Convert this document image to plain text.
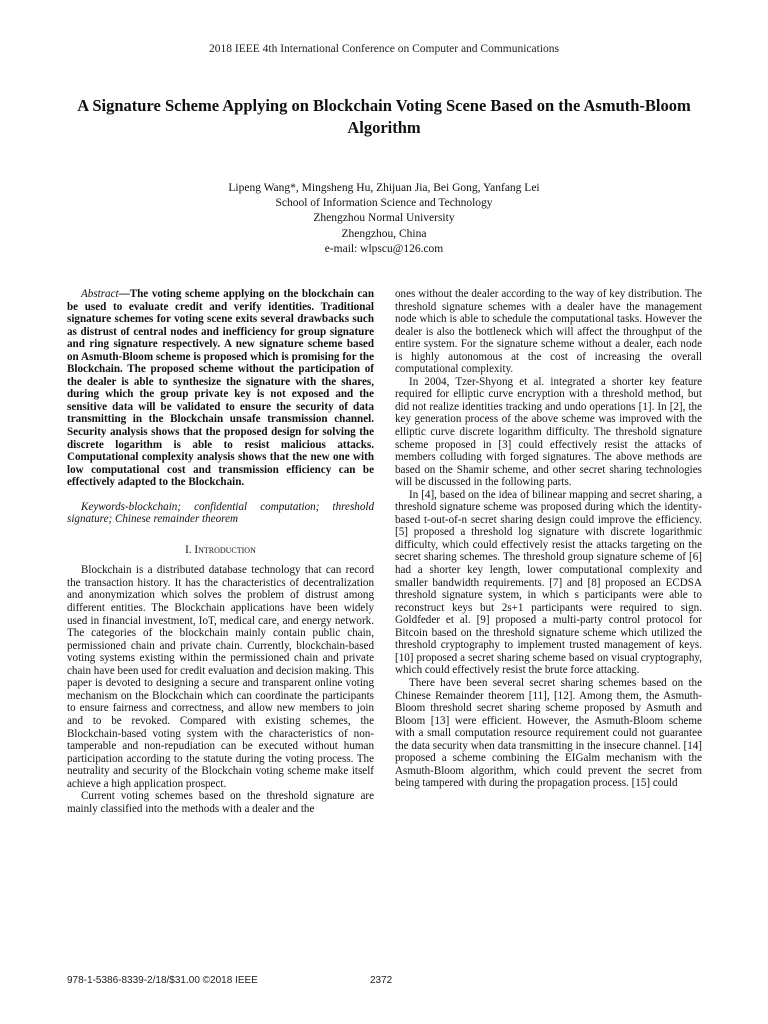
2018 IEEE 4th International Conference on Computer and Communications
A Signature Scheme Applying on Blockchain Voting Scene Based on the Asmuth-Bloom Algorithm
Lipeng Wang*, Mingsheng Hu, Zhijuan Jia, Bei Gong, Yanfang Lei
School of Information Science and Technology
Zhengzhou Normal University
Zhengzhou, China
e-mail: wlpscu@126.com

Abstract—The voting scheme applying on the blockchain can be used to evaluate credit and verify identities. Traditional signature schemes for voting scene exits several drawbacks such as distrust of central nodes and inefficiency for group signature and ring signature respectively. A new signature scheme based on Asmuth-Bloom scheme is proposed which is promising for the Blockchain. The proposed scheme without the participation of the dealer is able to synthesize the signature with the shares, during which the group private key is not exposed and the sensitive data will be validated to ensure the security of data transmitting in the Blockchain unsafe transmission channel. Security analysis shows that the proposed design for solving the discrete logarithm is able to resist malicious attacks. Computational complexity analysis shows that the new one with low computational cost and transmission efficiency can be effectively adapted to the Blockchain.

Keywords-blockchain; confidential computation; threshold signature; Chinese remainder theorem

I. Introduction

Blockchain is a distributed database technology that can record the transaction history. It has the characteristics of decentralization and anonymization which solves the problem of distrust among different entities. The Blockchain applications have been widely used in financial investment, IoT, medical care, and energy network. The categories of the blockchain mainly contain public chain, permissioned chain and private chain. Currently, blockchain-based voting systems existing within the permissioned chain and private chain have been used for credit evaluation and decision making. This paper is devoted to designing a secure and transparent online voting mechanism on the Blockchain which can coordinate the participants to ensure fairness and correctness, and allow new members to join and to be revoked. Compared with existing schemes, the Blockchain-based voting system with the characteristics of non-tamperable and non-repudiation can be executed without human participation according to the statute during the voting process. The neutrality and security of the Blockchain voting scheme make itself achieve a high application prospect.

Current voting schemes based on the threshold signature are mainly classified into the methods with a dealer and the

ones without the dealer according to the way of key distribution. The threshold signature schemes with a dealer have the management node which is able to schedule the computational tasks. However the dealer is also the bottleneck which will affect the throughput of the entire system. For the signature scheme without a dealer, each node is highly autonomous at the cost of increasing the overall computational complexity.

In 2004, Tzer-Shyong et al. integrated a shorter key feature required for elliptic curve encryption with a threshold method, but did not realize identities tracking and undo operations [1]. In [2], the key generation process of the above scheme was improved with the elliptic curve discrete logarithm difficulty. The threshold signature scheme proposed in [3] could effectively resist the attacks of members colluding with forged signatures. The above methods are based on the Shamir scheme, and other secret sharing technologies will be discussed in the following parts.

In [4], based on the idea of bilinear mapping and secret sharing, a threshold signature scheme was proposed during which the identity-based t-out-of-n secret sharing design could improve the efficiency. [5] proposed a threshold log signature with discrete logarithmic difficulty, which could effectively resist the attacks targeting on the secret sharing schemes. The threshold group signature scheme of [6] had a shorter key length, lower computational complexity and smaller bandwidth requirements. [7] and [8] proposed an ECDSA threshold signature system, in which s participants were able to reconstruct keys but 2s+1 participants were required to sign. Goldfeder et al. [9] proposed a multi-party control protocol for Bitcoin based on the threshold signature scheme which utilized the threshold cryptography to implement trusted management of keys. [10] proposed a secret sharing scheme based on visual cryptography, which could effectively resist the brute force attacking.

There have been several secret sharing schemes based on the Chinese Remainder theorem [11], [12]. Among them, the Asmuth-Bloom threshold secret sharing scheme proposed by Asmuth and Bloom [13] were efficient. However, the Asmuth-Bloom scheme with a small computation resource requirement could not guarantee the data security when data transmitting in the insecure channel. [14] proposed a scheme combining the EIGalm mechanism with the Asmuth-Bloom algorithm, which could prevent the secret from being tampered with during the propagation process. [15] could

978-1-5386-8339-2/18/$31.00 ©2018 IEEE	2372
